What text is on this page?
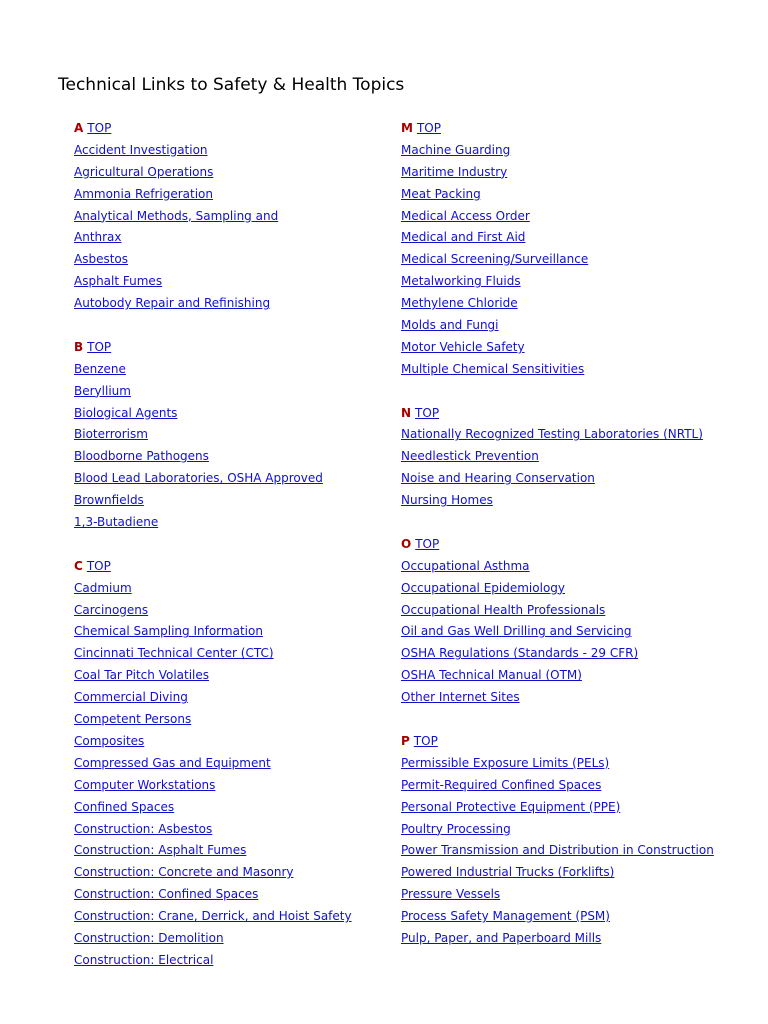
Technical Links to Safety & Health Topics
A TOP
Accident Investigation
Agricultural Operations
Ammonia Refrigeration
Analytical Methods, Sampling and
Anthrax
Asbestos
Asphalt Fumes
Autobody Repair and Refinishing
B TOP
Benzene
Beryllium
Biological Agents
Bioterrorism
Bloodborne Pathogens
Blood Lead Laboratories, OSHA Approved
Brownfields
1,3-Butadiene
C TOP
Cadmium
Carcinogens
Chemical Sampling Information
Cincinnati Technical Center (CTC)
Coal Tar Pitch Volatiles
Commercial Diving
Competent Persons
Composites
Compressed Gas and Equipment
Computer Workstations
Confined Spaces
Construction: Asbestos
Construction: Asphalt Fumes
Construction: Concrete and Masonry
Construction: Confined Spaces
Construction: Crane, Derrick, and Hoist Safety
Construction: Demolition
Construction: Electrical
M TOP
Machine Guarding
Maritime Industry
Meat Packing
Medical Access Order
Medical and First Aid
Medical Screening/Surveillance
Metalworking Fluids
Methylene Chloride
Molds and Fungi
Motor Vehicle Safety
Multiple Chemical Sensitivities
N TOP
Nationally Recognized Testing Laboratories (NRTL)
Needlestick Prevention
Noise and Hearing Conservation
Nursing Homes
O TOP
Occupational Asthma
Occupational Epidemiology
Occupational Health Professionals
Oil and Gas Well Drilling and Servicing
OSHA Regulations (Standards - 29 CFR)
OSHA Technical Manual (OTM)
Other Internet Sites
P TOP
Permissible Exposure Limits (PELs)
Permit-Required Confined Spaces
Personal Protective Equipment (PPE)
Poultry Processing
Power Transmission and Distribution in Construction
Powered Industrial Trucks (Forklifts)
Pressure Vessels
Process Safety Management (PSM)
Pulp, Paper, and Paperboard Mills
